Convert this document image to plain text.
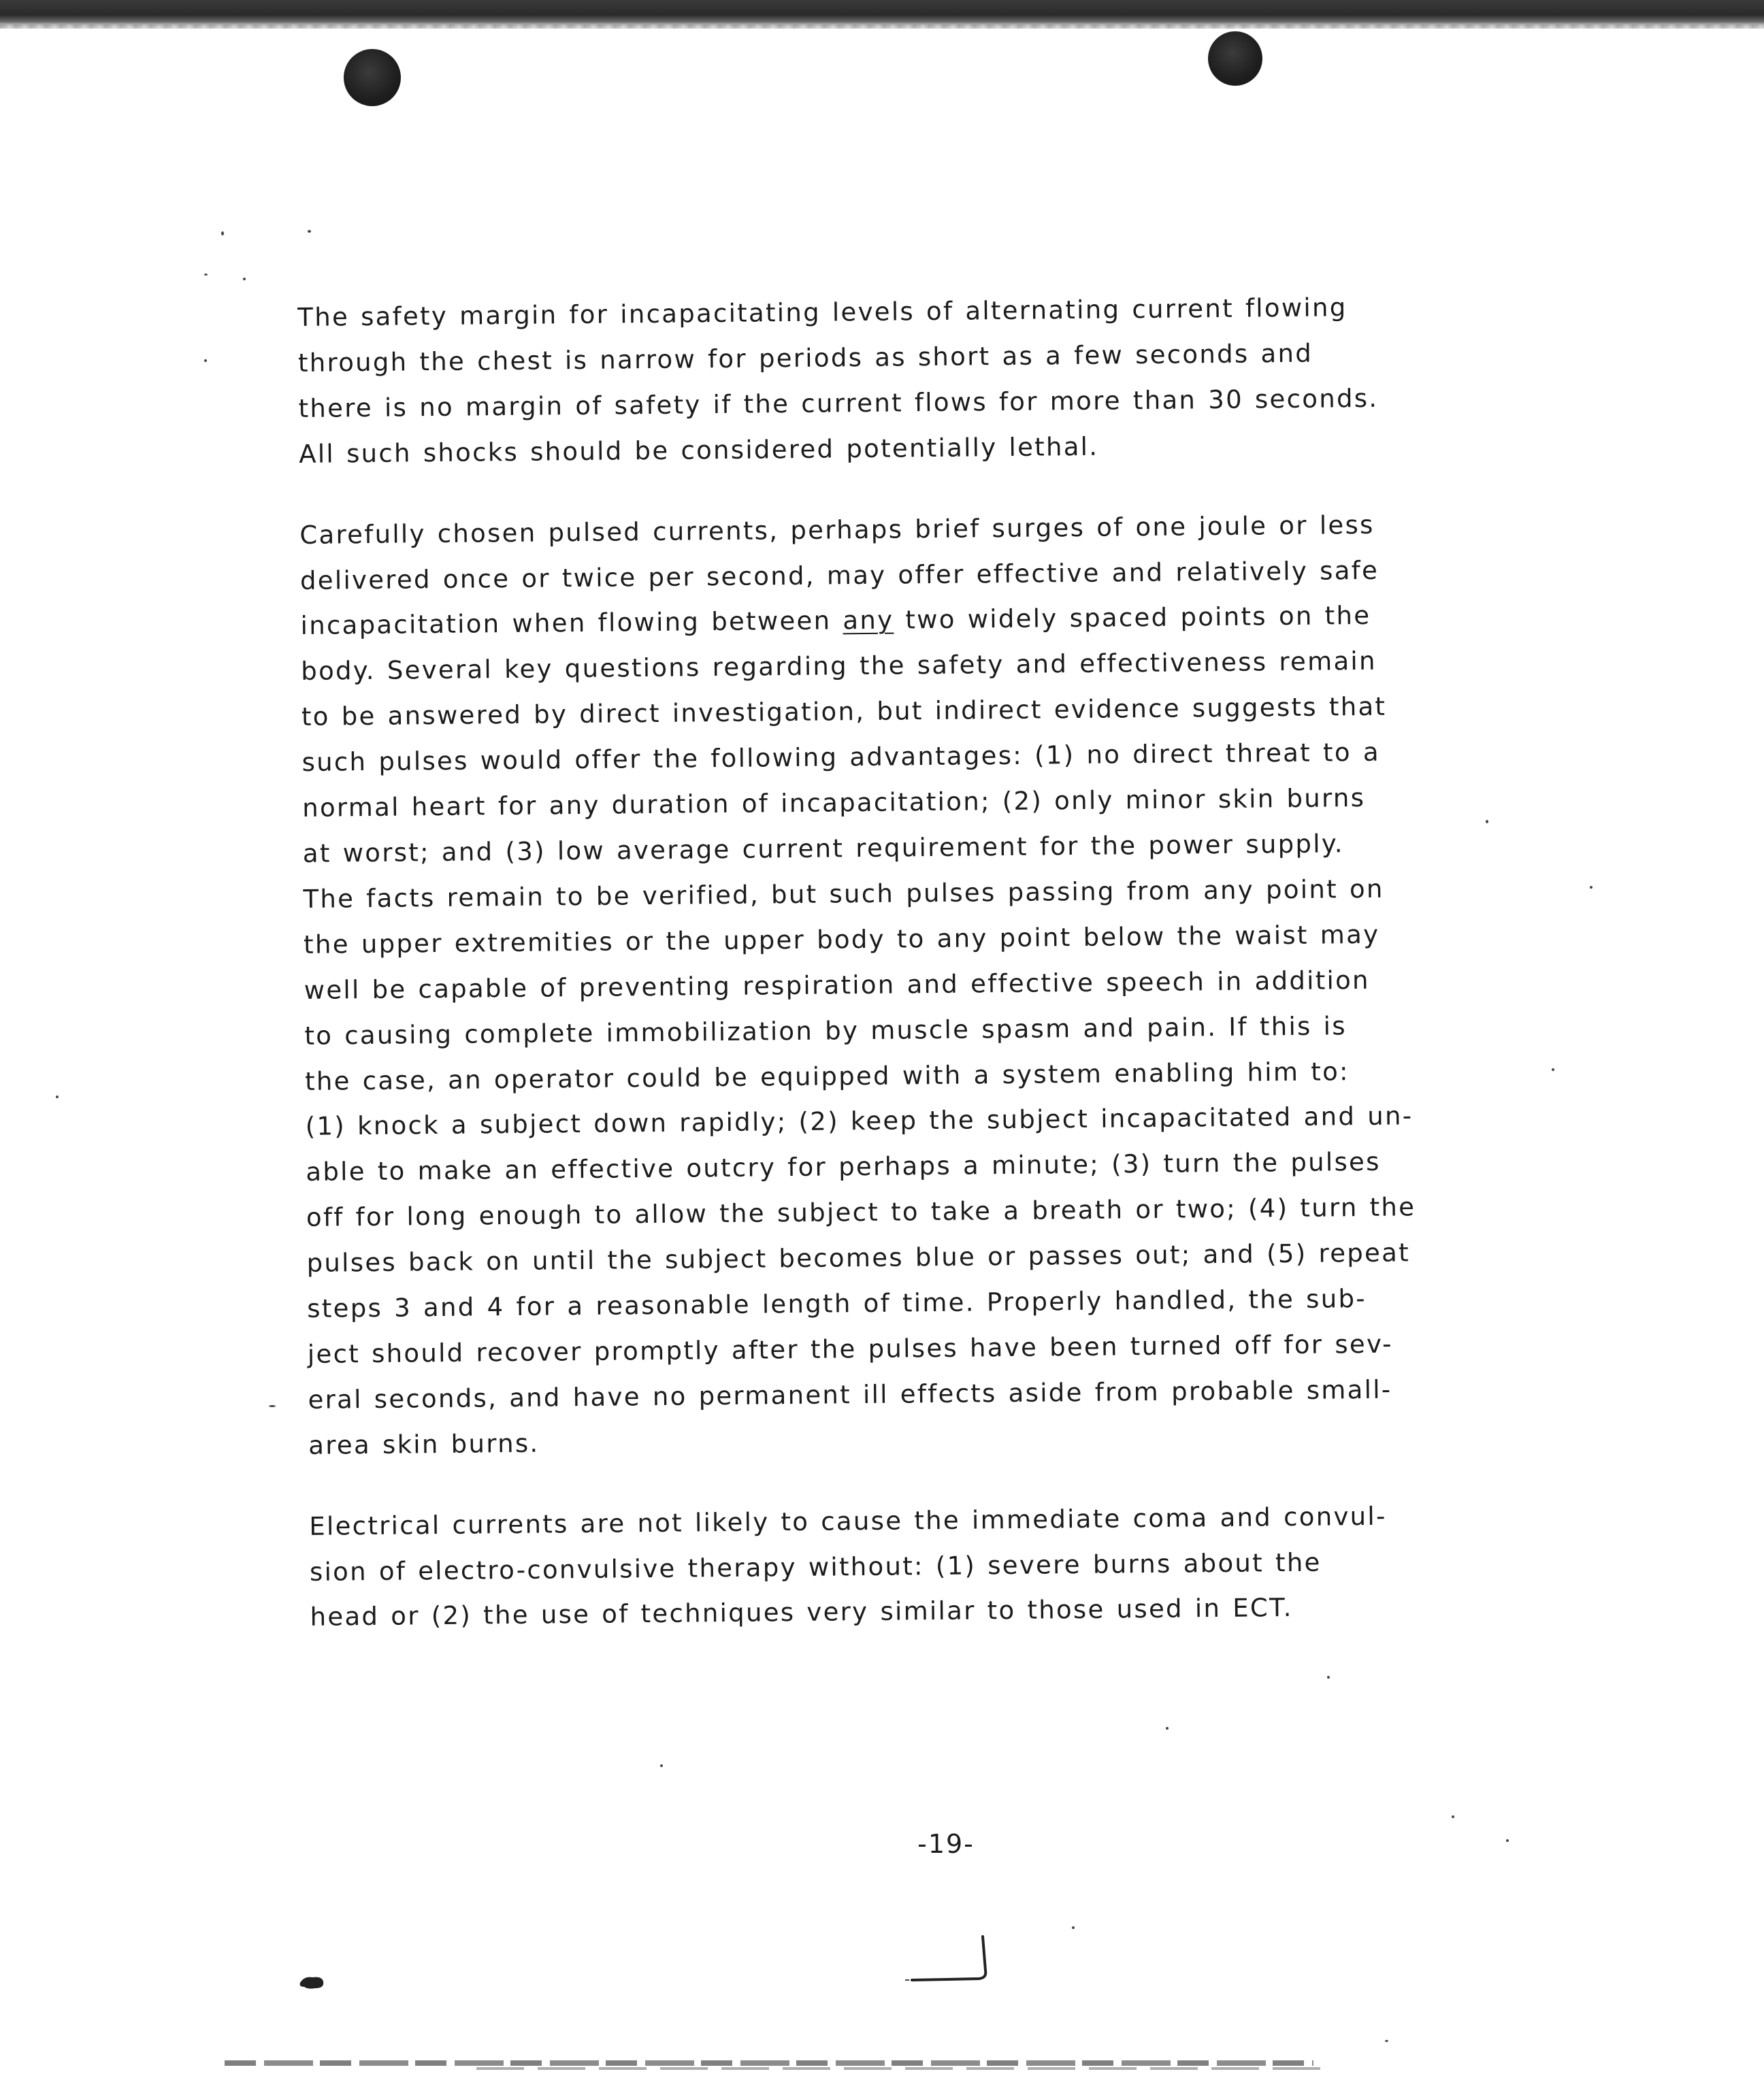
The safety margin for incapacitating levels of alternating current flowing
through the chest is narrow for periods as short as a few seconds and
there is no margin of safety if the current flows for more than 30 seconds.
All such shocks should be considered potentially lethal.
Carefully chosen pulsed currents, perhaps brief surges of one joule or less
delivered once or twice per second, may offer effective and relatively safe
incapacitation when flowing between any two widely spaced points on the
body. Several key questions regarding the safety and effectiveness remain
to be answered by direct investigation, but indirect evidence suggests that
such pulses would offer the following advantages: (1) no direct threat to a
normal heart for any duration of incapacitation; (2) only minor skin burns
at worst; and (3) low average current requirement for the power supply.
The facts remain to be verified, but such pulses passing from any point on
the upper extremities or the upper body to any point below the waist may
well be capable of preventing respiration and effective speech in addition
to causing complete immobilization by muscle spasm and pain. If this is
the case, an operator could be equipped with a system enabling him to:
(1) knock a subject down rapidly; (2) keep the subject incapacitated and un-
able to make an effective outcry for perhaps a minute; (3) turn the pulses
off for long enough to allow the subject to take a breath or two; (4) turn the
pulses back on until the subject becomes blue or passes out; and (5) repeat
steps 3 and 4 for a reasonable length of time. Properly handled, the sub-
ject should recover promptly after the pulses have been turned off for sev-
eral seconds, and have no permanent ill effects aside from probable small-
area skin burns.
Electrical currents are not likely to cause the immediate coma and convul-
sion of electro-convulsive therapy without: (1) severe burns about the
head or (2) the use of techniques very similar to those used in ECT.
-19-
